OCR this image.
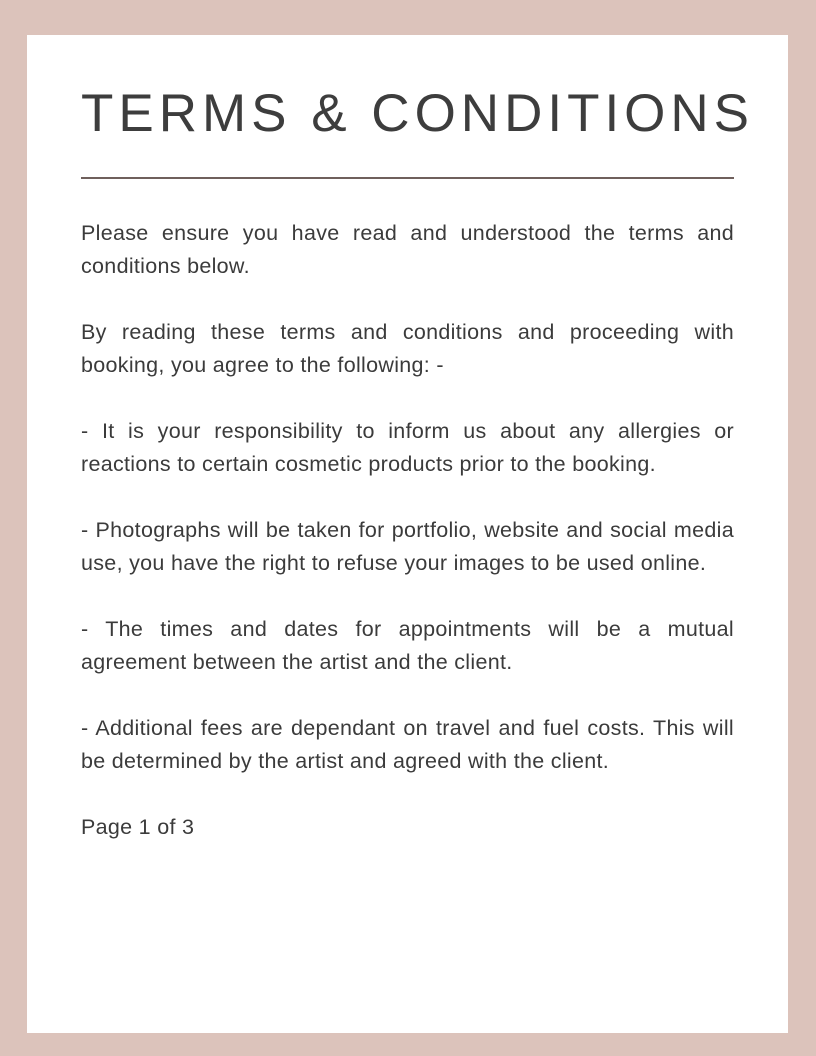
TERMS & CONDITIONS

Please ensure you have read and understood the terms and conditions below.

By reading these terms and conditions and proceeding with booking, you agree to the following: -

- It is your responsibility to inform us about any allergies or reactions to certain cosmetic products prior to the booking.

- Photographs will be taken for portfolio, website and social media use, you have the right to refuse your images to be used online.

- The times and dates for appointments will be a mutual agreement between the artist and the client.

- Additional fees are dependant on travel and fuel costs. This will be determined by the artist and agreed with the client.

Page 1 of 3
